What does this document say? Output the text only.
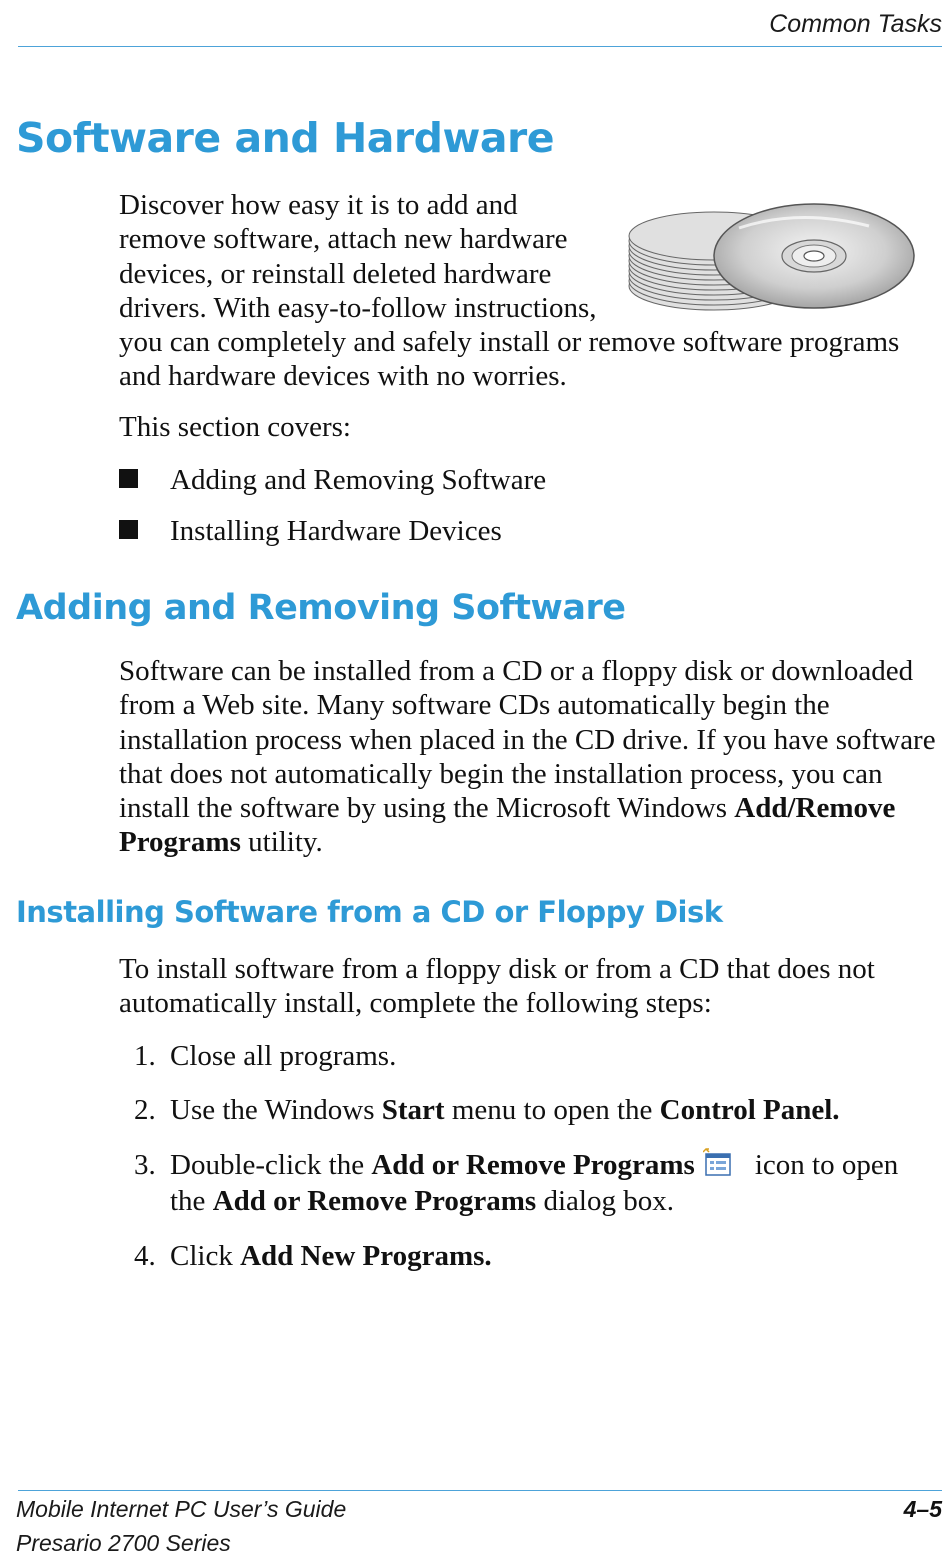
Common Tasks
Software and Hardware

Discover how easy it is to add and remove software, attach new hardware devices, or reinstall deleted hardware drivers. With easy-to-follow instructions, you can completely and safely install or remove software programs and hardware devices with no worries.

This section covers:

Adding and Removing Software
Installing Hardware Devices
Adding and Removing Software

Software can be installed from a CD or a floppy disk or downloaded from a Web site. Many software CDs automatically begin the installation process when placed in the CD drive. If you have software that does not automatically begin the installation process, you can install the software by using the Microsoft Windows Add/Remove Programs utility.

Installing Software from a CD or Floppy Disk

To install software from a floppy disk or from a CD that does not automatically install, complete the following steps:

1. Close all programs.
2. Use the Windows Start menu to open the Control Panel.
3. Double-click the Add or Remove Programs icon to open
the Add or Remove Programs dialog box.
4. Click Add New Programs.
Mobile Internet PC User’s Guide
Presario 2700 Series
4–5
